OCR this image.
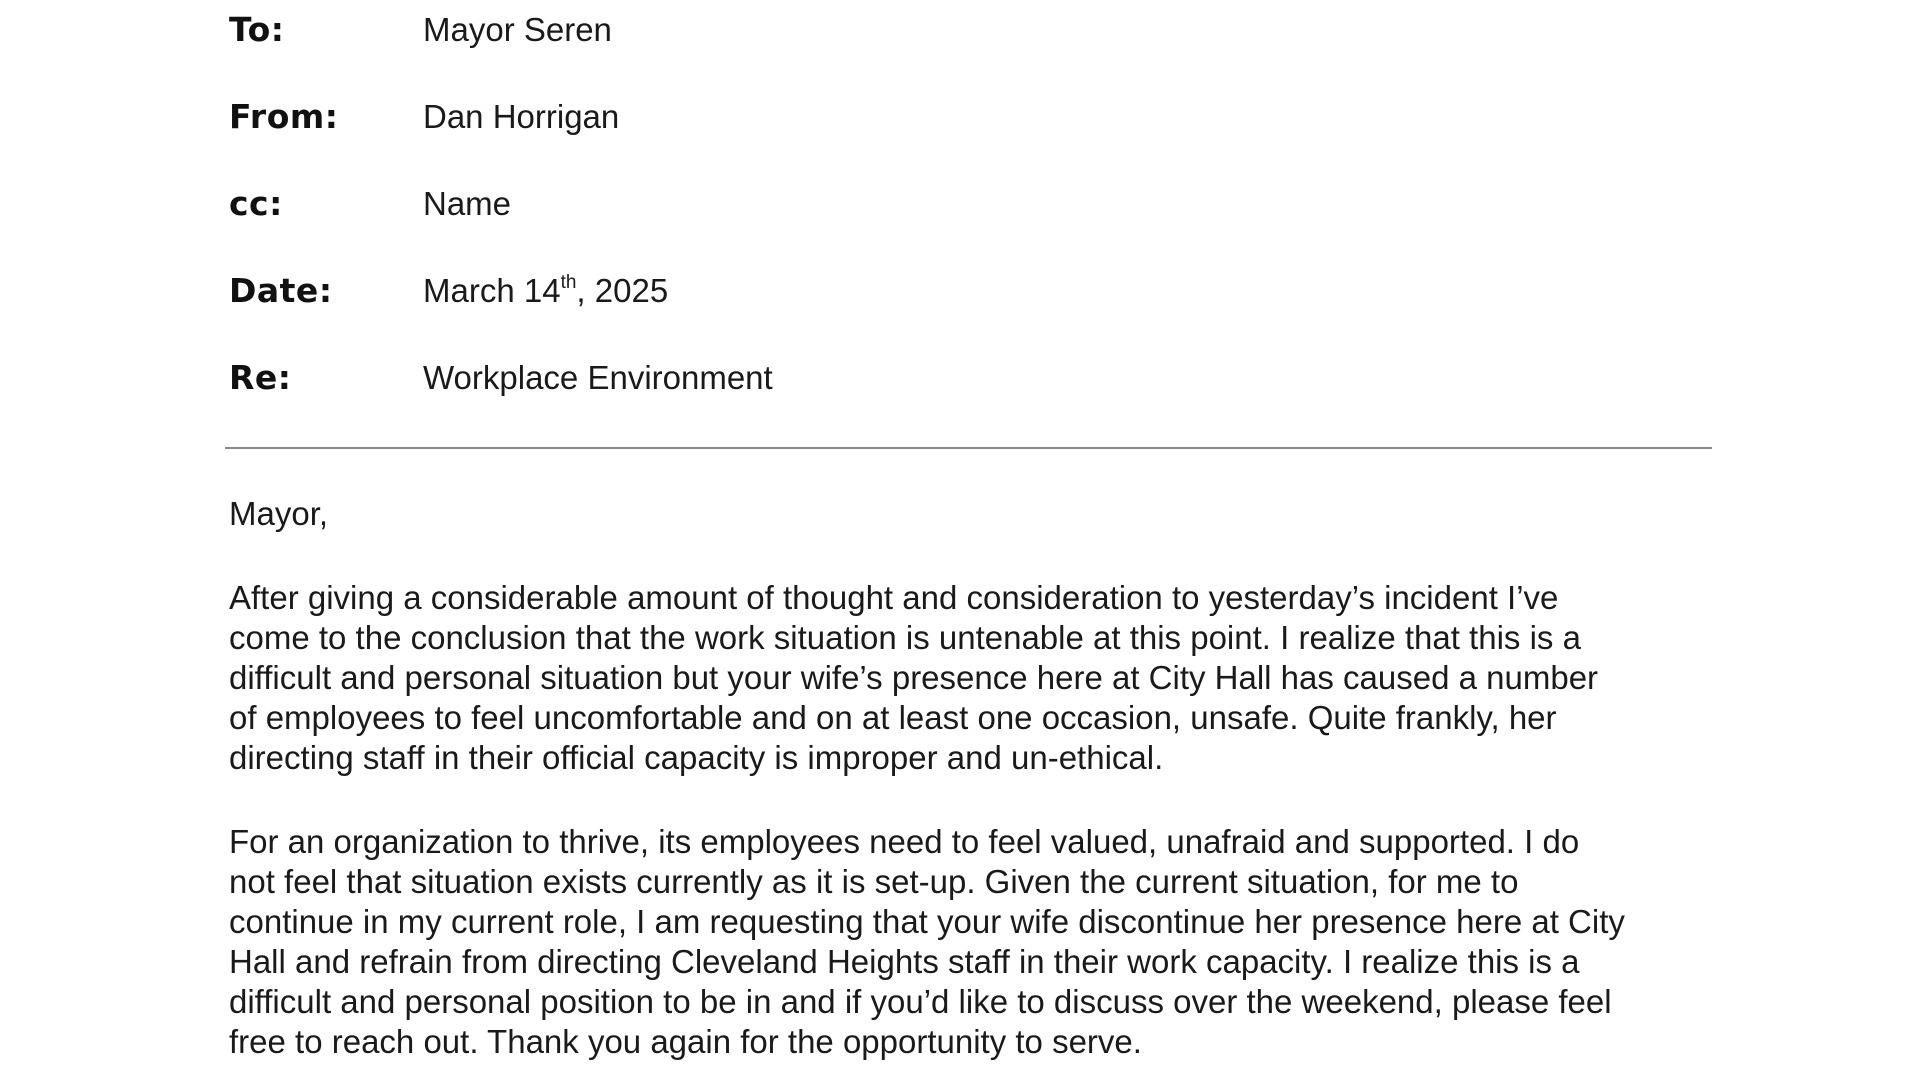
To:	Mayor Seren
From:	Dan Horrigan
cc:	Name
Date:	March 14th, 2025
Re:	Workplace Environment
Mayor,
After giving a considerable amount of thought and consideration to yesterday’s incident I’ve
come to the conclusion that the work situation is untenable at this point. I realize that this is a
difficult and personal situation but your wife’s presence here at City Hall has caused a number
of employees to feel uncomfortable and on at least one occasion, unsafe. Quite frankly, her
directing staff in their official capacity is improper and un-ethical.
For an organization to thrive, its employees need to feel valued, unafraid and supported. I do
not feel that situation exists currently as it is set-up. Given the current situation, for me to
continue in my current role, I am requesting that your wife discontinue her presence here at City
Hall and refrain from directing Cleveland Heights staff in their work capacity. I realize this is a
difficult and personal position to be in and if you’d like to discuss over the weekend, please feel
free to reach out. Thank you again for the opportunity to serve.
